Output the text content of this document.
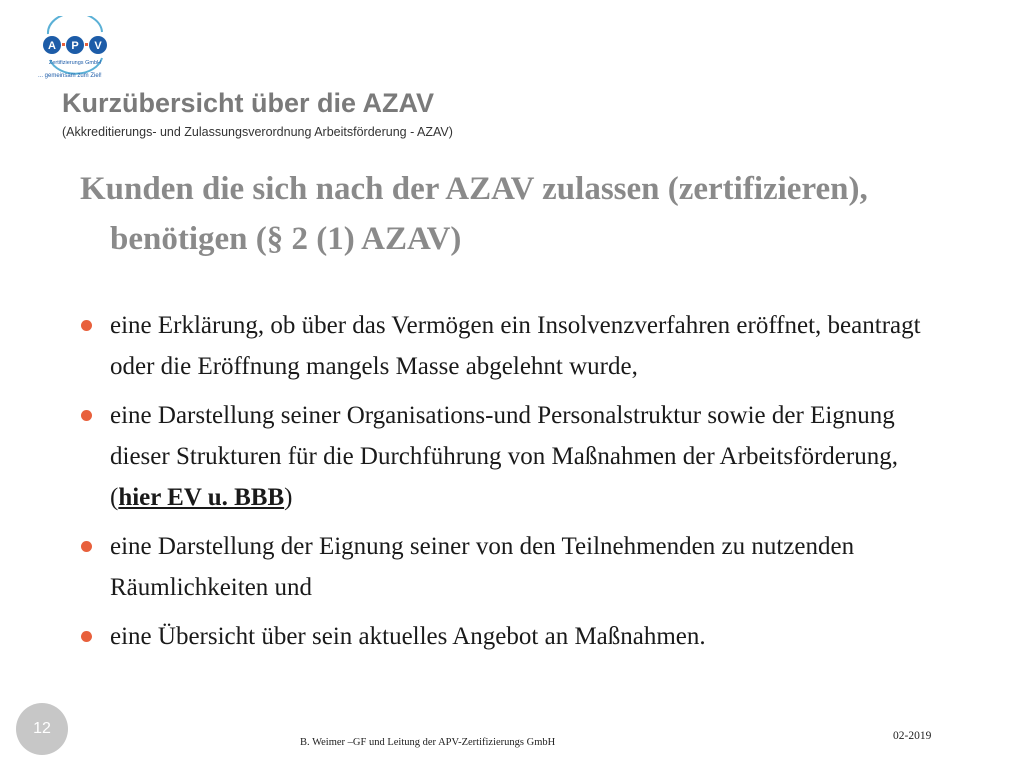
A P V
Zertifizierungs GmbH
... gemeinsam zum Ziel!
Kurzübersicht über die AZAV
(Akkreditierungs- und Zulassungsverordnung Arbeitsförderung - AZAV)
Kunden die sich nach der AZAV zulassen (zertifizieren), benötigen (§ 2 (1) AZAV)
eine Erklärung, ob über das Vermögen ein Insolvenzverfahren eröffnet, beantragt oder die Eröffnung mangels Masse abgelehnt wurde,
eine Darstellung seiner Organisations-und Personalstruktur sowie der Eignung dieser Strukturen für die Durchführung von Maßnahmen der Arbeitsförderung, (hier EV u. BBB)
eine Darstellung der Eignung seiner von den Teilnehmenden zu nutzenden Räumlichkeiten und
eine Übersicht über sein aktuelles Angebot an Maßnahmen.
12
B. Weimer –GF und Leitung der APV-Zertifizierungs GmbH
02-2019
